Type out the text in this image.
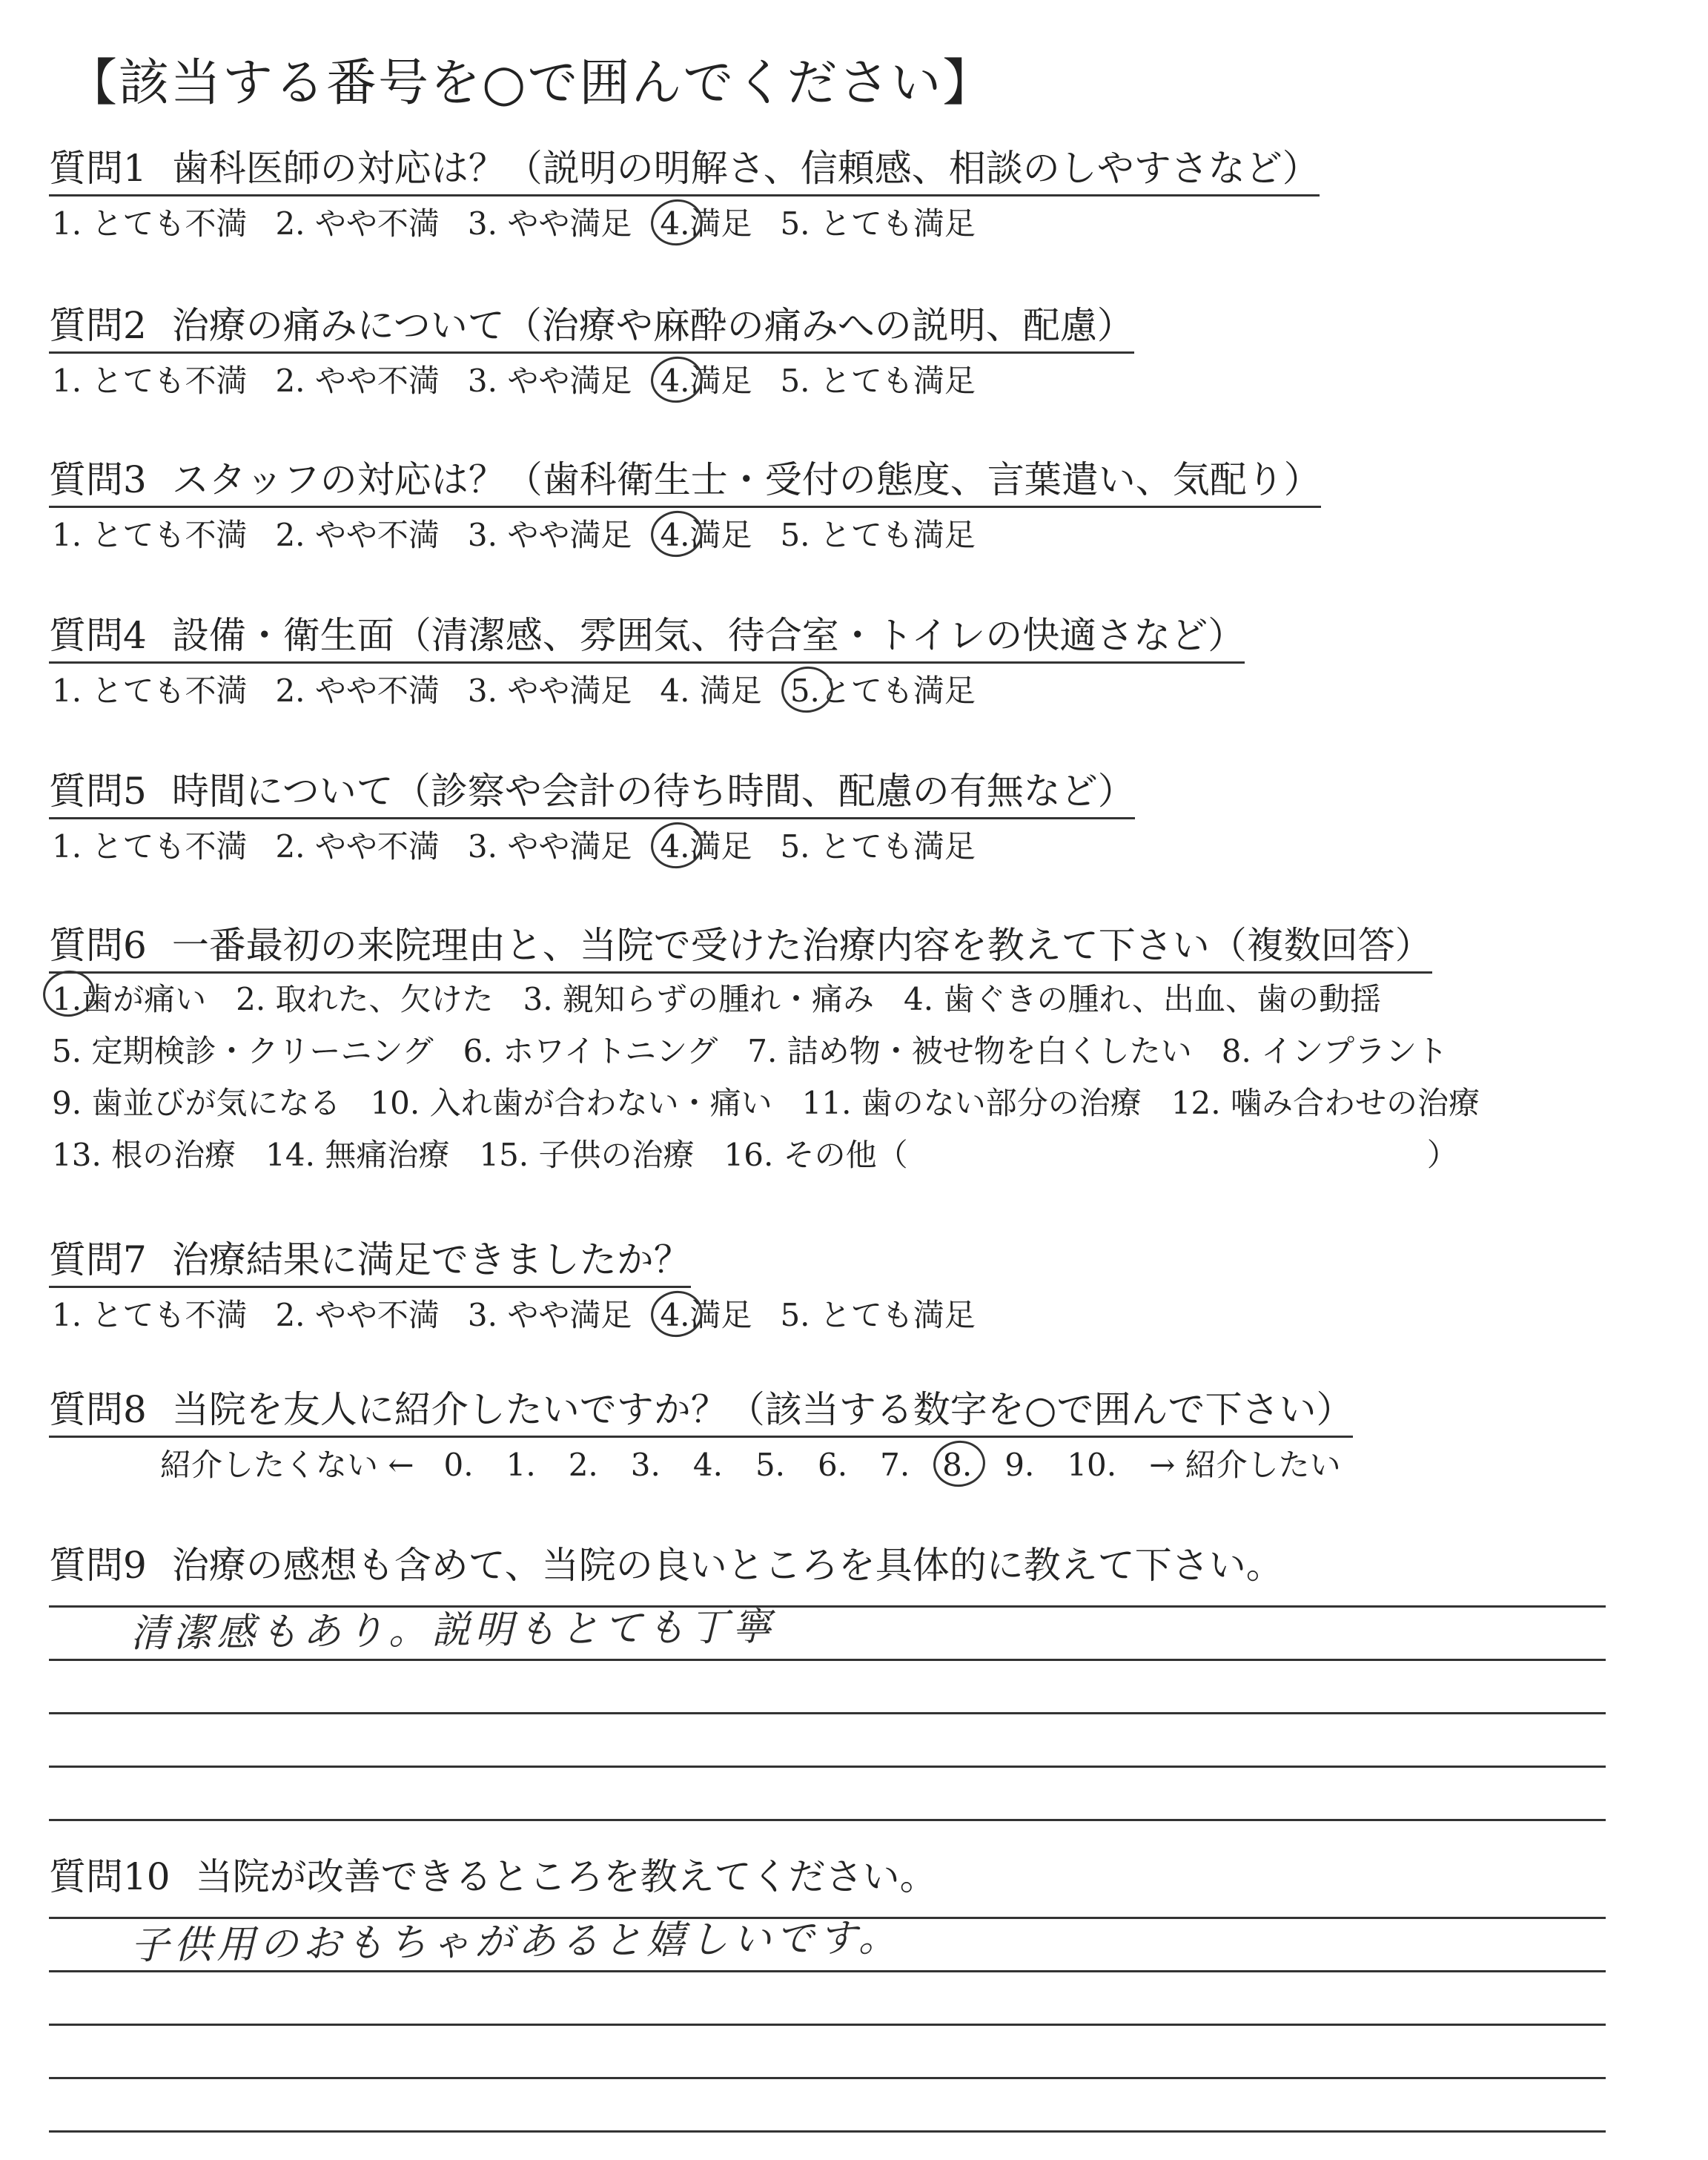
【該当する番号を○で囲んでください】
質問1 歯科医師の対応は？（説明の明解さ、信頼感、相談のしやすさなど）
1. とても不満 2. やや不満 3. やや満足 4.満足 5. とても満足
質問2 治療の痛みについて（治療や麻酔の痛みへの説明、配慮）
1. とても不満 2. やや不満 3. やや満足 4.満足 5. とても満足
質問3 スタッフの対応は？（歯科衛生士・受付の態度、言葉遣い、気配り）
1. とても不満 2. やや不満 3. やや満足 4.満足 5. とても満足
質問4 設備・衛生面（清潔感、雰囲気、待合室・トイレの快適さなど）
1. とても不満 2. やや不満 3. やや満足 4. 満足 5.とても満足
質問5 時間について（診察や会計の待ち時間、配慮の有無など）
1. とても不満 2. やや不満 3. やや満足 4.満足 5. とても満足
質問6 一番最初の来院理由と、当院で受けた治療内容を教えて下さい（複数回答）
1.歯が痛い 2. 取れた、欠けた 3. 親知らずの腫れ・痛み 4. 歯ぐきの腫れ、出血、歯の動揺
5. 定期検診・クリーニング 6. ホワイトニング 7. 詰め物・被せ物を白くしたい 8. インプラント
9. 歯並びが気になる 10. 入れ歯が合わない・痛い 11. 歯のない部分の治療 12. 噛み合わせの治療
13. 根の治療 14. 無痛治療 15. 子供の治療 16. その他（	）
質問7 治療結果に満足できましたか？
1. とても不満 2. やや不満 3. やや満足 4.満足 5. とても満足
質問8 当院を友人に紹介したいですか？（該当する数字を○で囲んで下さい）
紹介したくない ← 0. 1. 2. 3. 4. 5. 6. 7. 8. 9. 10. → 紹介したい
質問9 治療の感想も含めて、当院の良いところを具体的に教えて下さい。
清潔感もあり。説明もとても丁寧
質問10 当院が改善できるところを教えてください。
子供用のおもちゃがあると嬉しいです。
